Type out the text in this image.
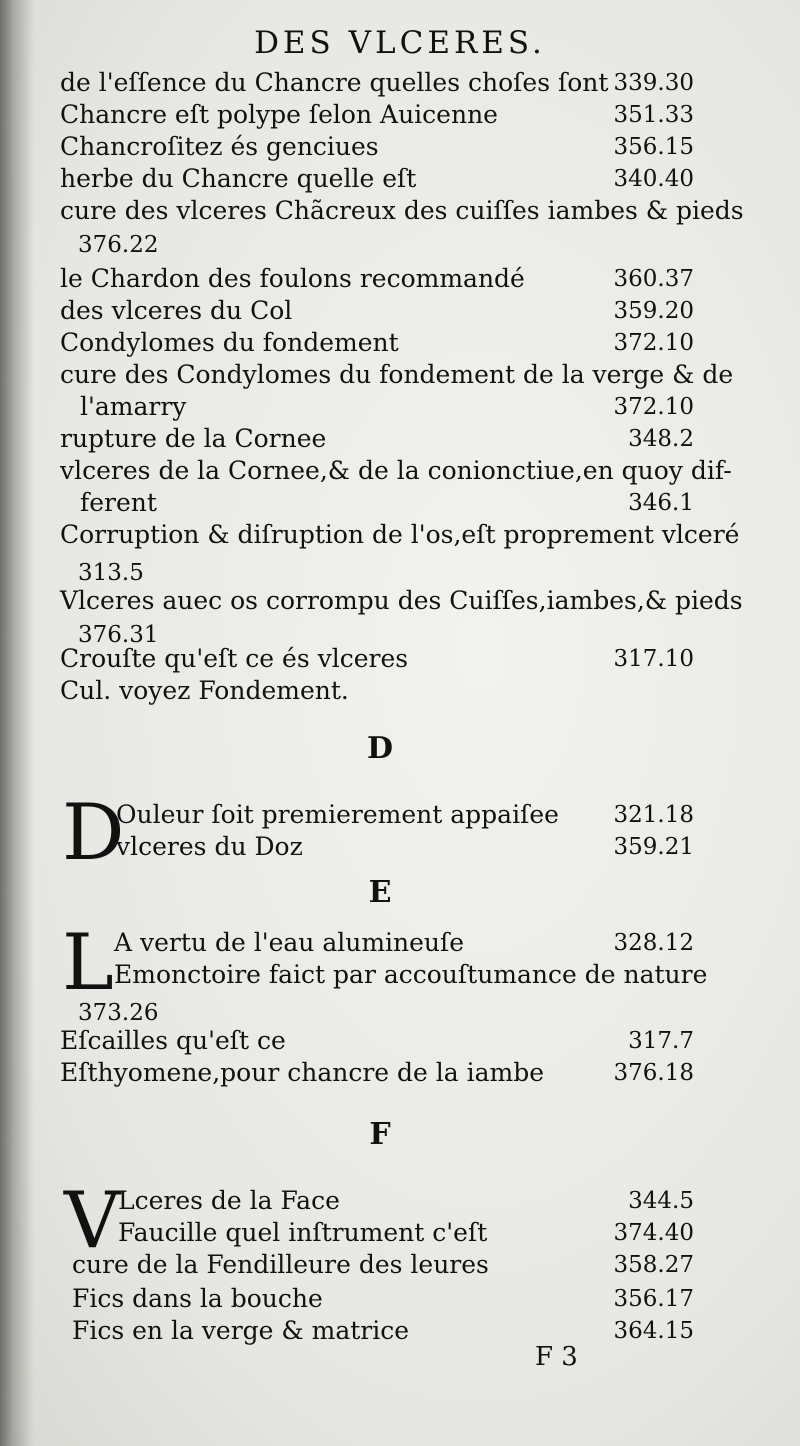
DES VLCERES.
de l'eſſence du Chancre quelles choſes ſont 339.30
Chancre eſt polype ſelon Auicenne	351.33
Chancroſitez és genciues	356.15
herbe du Chancre quelle eſt	340.40
cure des vlceres Chãcreux des cuiſſes iambes & pieds
376.22
le Chardon des foulons recommandé	360.37
des vlceres du Col	359.20
Condylomes du fondement	372.10
cure des Condylomes du fondement de la verge & de
l'amarry	372.10
rupture de la Cornee	348.2
vlceres de la Cornee,& de la conionctiue,en quoy dif-
ferent	346.1
Corruption & diſruption de l'os,eſt proprement vlceré
313.5
Vlceres auec os corrompu des Cuiſſes,iambes,& pieds
376.31
Crouſte qu'eſt ce és vlceres	317.10
Cul. voyez Fondement.
D
D
Ouleur ſoit premierement appaiſee 321.18
vlceres du Doz	359.21
E
L A vertu de l'eau alumineuſe	328.12
Emonctoire faict par accouſtumance de nature
373.26
Eſcailles qu'eſt ce	317.7
Eſthyomene,pour chancre de la iambe	376.18
F
V
Lceres de la Face	344.5
Faucille quel inſtrument c'eſt	374.40
cure de la Fendilleure des leures	358.27
Fics dans la bouche	356.17
Fics en la verge & matrice	364.15
F 3
